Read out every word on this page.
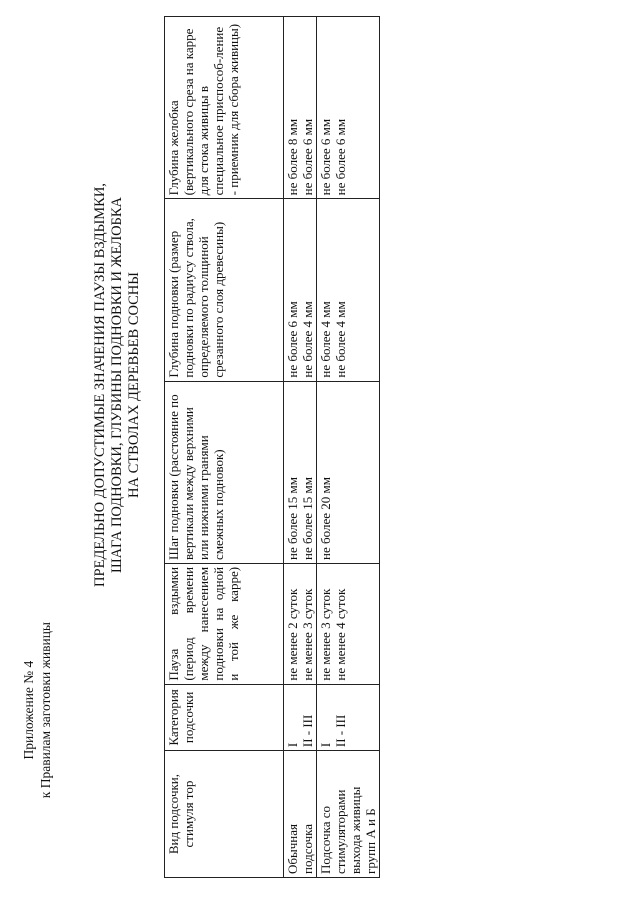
Приложение № 4 к Правилам заготовки живицы
ПРЕДЕЛЬНО ДОПУСТИМЫЕ ЗНАЧЕНИЯ ПАУЗЫ ВЗДЫМКИ, ШАГА ПОДНОВКИ, ГЛУБИНЫ ПОДНОВКИ И ЖЕЛОБКА НА СТВОЛАХ ДЕРЕВЬЕВ СОСНЫ
Вид подсочки, стимуля тор	Категория подсочки	Пауза вздымки (период времени между нанесением подновки на одной и той же карре)	Шаг подновки (расстояние по вертикали между верхними или нижними гранями смежных подновок)	Глубина подновки (размер подновки по радиусу ствола, определяемого толщиной срезанного слоя древесины)	Глубина желобка (вертикального среза на карре для стока живицы в специальное приспособ-ление - приемник для сбора живицы)

Обычная подсочка	I II - III	не менее 2 суток не менее 3 суток	не более 15 мм не более 15 мм	не более 6 мм не более 4 мм	не более 8 мм не более 6 мм

Подсочка со стимуляторами выхода живицы групп А и Б	I II - III	не менее 3 суток не менее 4 суток	не более 20 мм	не более 4 мм не более 4 мм	не более 6 мм не более 6 мм
